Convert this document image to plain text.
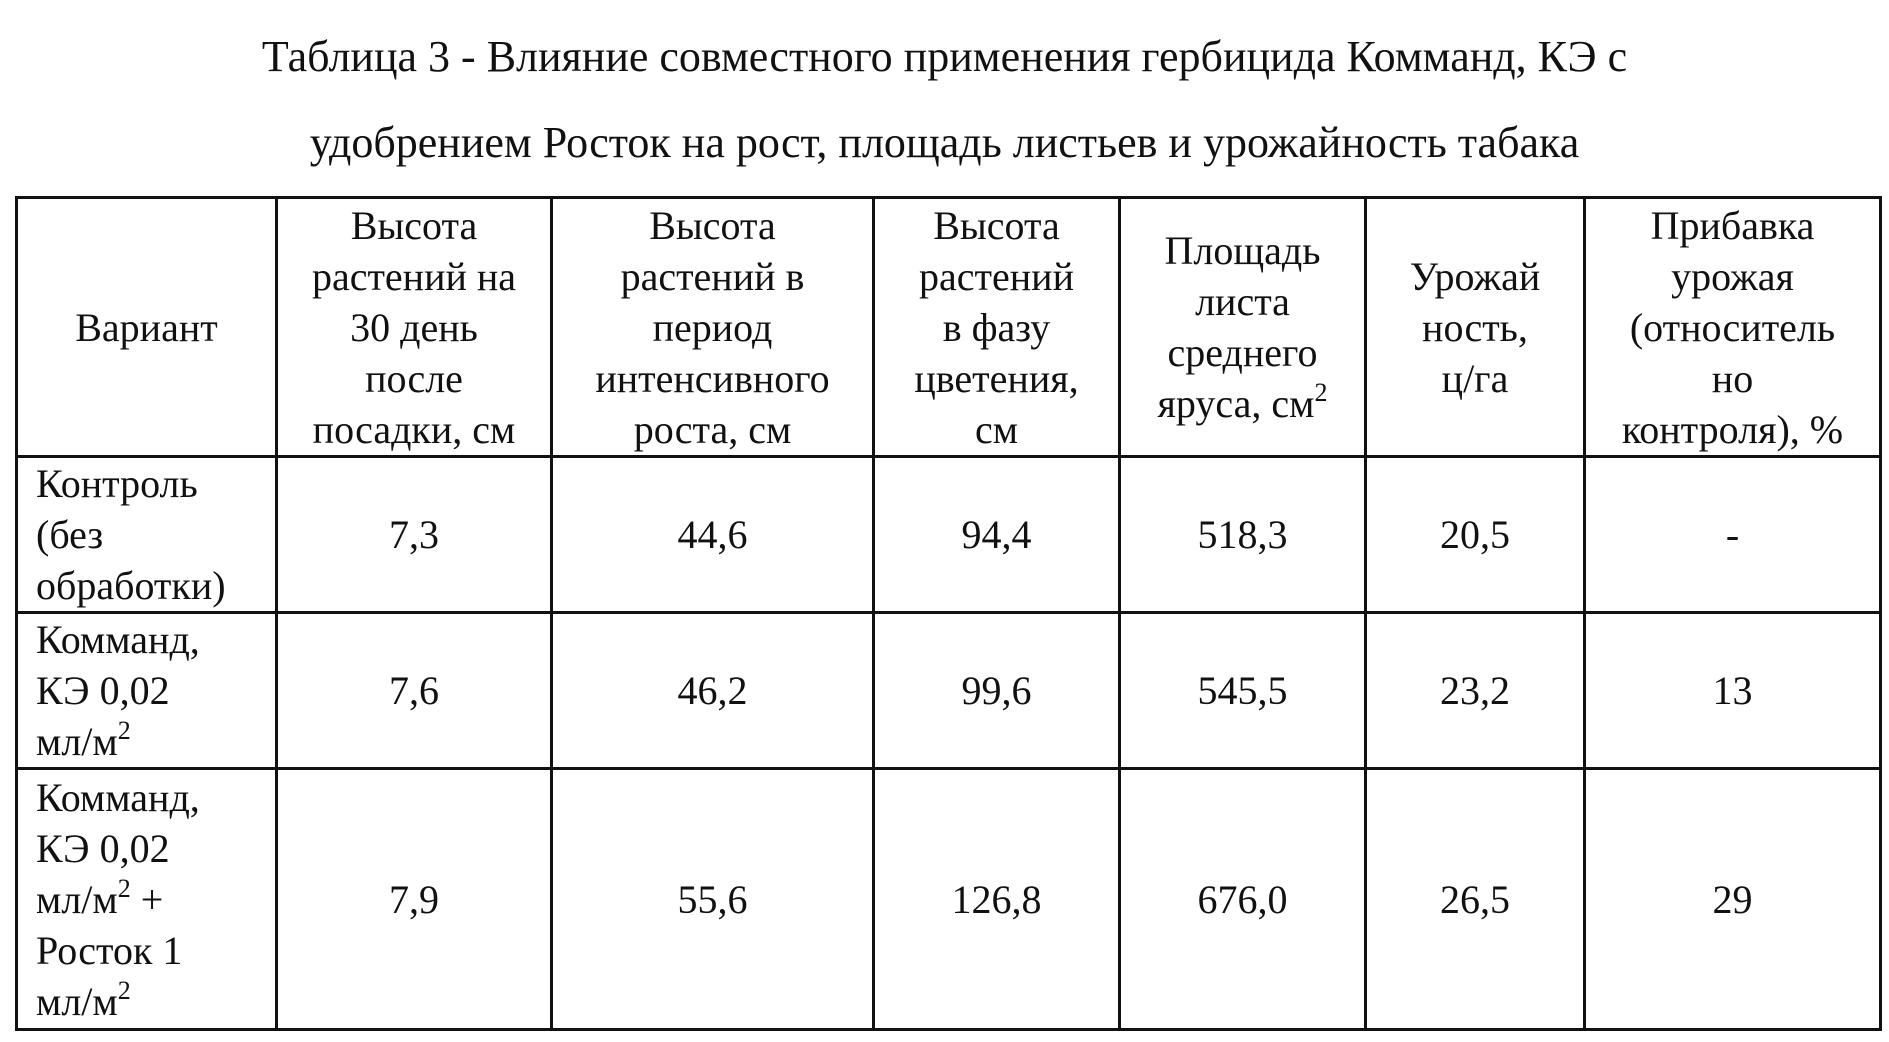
Таблица 3 - Влияние совместного применения гербицида Комманд, КЭ с
удобрением Росток на рост, площадь листьев и урожайность табака
Вариант	Высота
растений на
30 день
после
посадки, см	Высота
растений в
период
интенсивного
роста, см	Высота
растений
в фазу
цветения,
см	Площадь
листа
среднего
яруса, $см^2$	Урожай
ность,
ц/га	Прибавка
урожая
(относитель
но
контроля), %
Контроль
(без
обработки)	7,3	44,6	94,4	518,3	20,5	-
Комманд,
КЭ 0,02
$мл/м^2$	7,6	46,2	99,6	545,5	23,2	13
Комманд,
КЭ 0,02
$мл/м^2$ +
Росток 1
$мл/м^2$	7,9	55,6	126,8	676,0	26,5	29
